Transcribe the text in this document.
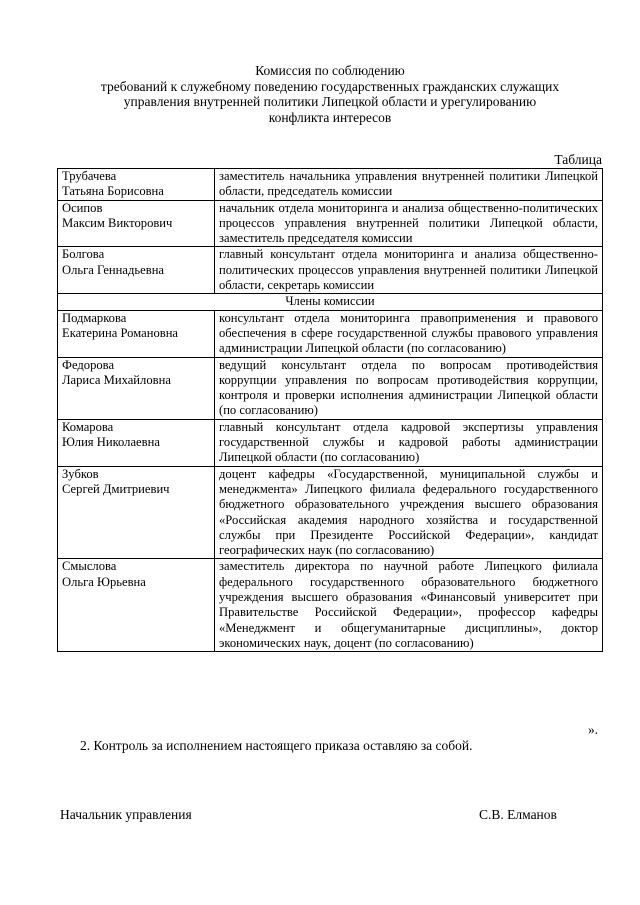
Комиссия по соблюдению
требований к служебному поведению государственных гражданских служащих
управления внутренней политики Липецкой области и урегулированию
конфликта интересов
Таблица
Трубачева
Татьяна Борисовна	заместитель начальника управления внутренней политики Липецкой области, председатель комиссии

Осипов
Максим Викторович	начальник отдела мониторинга и анализа общественно-политических процессов управления внутренней политики Липецкой области, заместитель председателя комиссии

Болгова
Ольга Геннадьевна	главный консультант отдела мониторинга и анализа общественно-политических процессов управления внутренней политики Липецкой области, секретарь комиссии
Члены комиссии	

Подмаркова
Екатерина Романовна	консультант отдела мониторинга правоприменения и правового обеспечения в сфере государственной службы правового управления администрации Липецкой области (по согласованию)

Федорова
Лариса Михайловна	ведущий консультант отдела по вопросам противодействия коррупции управления по вопросам противодействия коррупции, контроля и проверки исполнения администрации Липецкой области (по согласованию)

Комарова
Юлия Николаевна	главный консультант отдела кадровой экспертизы управления государственной службы и кадровой работы администрации Липецкой области (по согласованию)

Зубков
Сергей Дмитриевич	доцент кафедры «Государственной, муниципальной службы и менеджмента» Липецкого филиала федерального государственного бюджетного образовательного учреждения высшего образования «Российская академия народного хозяйства и государственной службы при Президенте Российской Федерации», кандидат географических наук (по согласованию)

Смыслова
Ольга Юрьевна	заместитель директора по научной работе Липецкого филиала федерального государственного образовательного бюджетного учреждения высшего образования «Финансовый университет при Правительстве Российской Федерации», профессор кафедры «Менеджмент и общегуманитарные дисциплины», доктор экономических наук, доцент (по согласованию)
».
2. Контроль за исполнением настоящего приказа оставляю за собой.
Начальник управления	С.В. Елманов
